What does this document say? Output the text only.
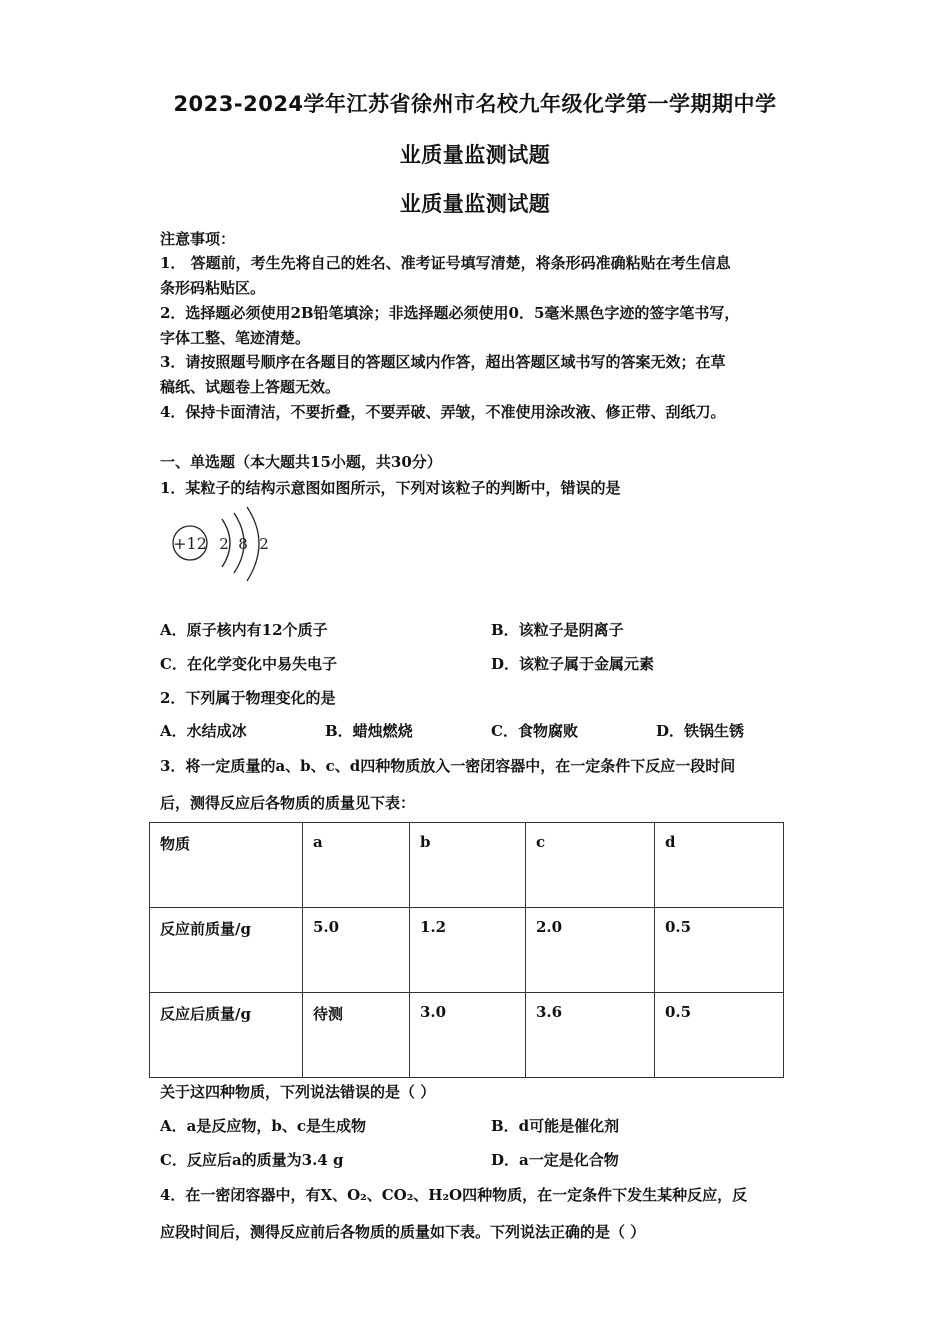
2023-2024学年江苏省徐州市名校九年级化学第一学期期中学
业质量监测试题
业质量监测试题
注意事项：
1． 答题前，考生先将自己的姓名、准考证号填写清楚，将条形码准确粘贴在考生信息
条形码粘贴区。
2．选择题必须使用2B铅笔填涂；非选择题必须使用0．5毫米黑色字迹的签字笔书写，
字体工整、笔迹清楚。
3．请按照题号顺序在各题目的答题区域内作答，超出答题区域书写的答案无效；在草
稿纸、试题卷上答题无效。
4．保持卡面清洁，不要折叠，不要弄破、弄皱，不准使用涂改液、修正带、刮纸刀。
一、单选题（本大题共15小题，共30分）
1．某粒子的结构示意图如图所示，下列对该粒子的判断中，错误的是
+12 2 8 2
A．原子核内有12个质子	B．该粒子是阴离子
C．在化学变化中易失电子	D．该粒子属于金属元素
2．下列属于物理变化的是
A．水结成冰	B．蜡烛燃烧	C．食物腐败	D．铁锅生锈
3．将一定质量的a、b、c、d四种物质放入一密闭容器中，在一定条件下反应一段时间
后，测得反应后各物质的质量见下表：
物质	a	b	c	d
反应前质量/g	5.0	1.2	2.0	0.5
反应后质量/g	待测	3.0	3.6	0.5
关于这四种物质，下列说法错误的是（ ）
A．a是反应物，b、c是生成物	B．d可能是催化剂
C．反应后a的质量为3.4 g	D．a一定是化合物
4．在一密闭容器中，有X、O₂、CO₂、H₂O四种物质，在一定条件下发生某种反应，反
应段时间后，测得反应前后各物质的质量如下表。下列说法正确的是（ ）
